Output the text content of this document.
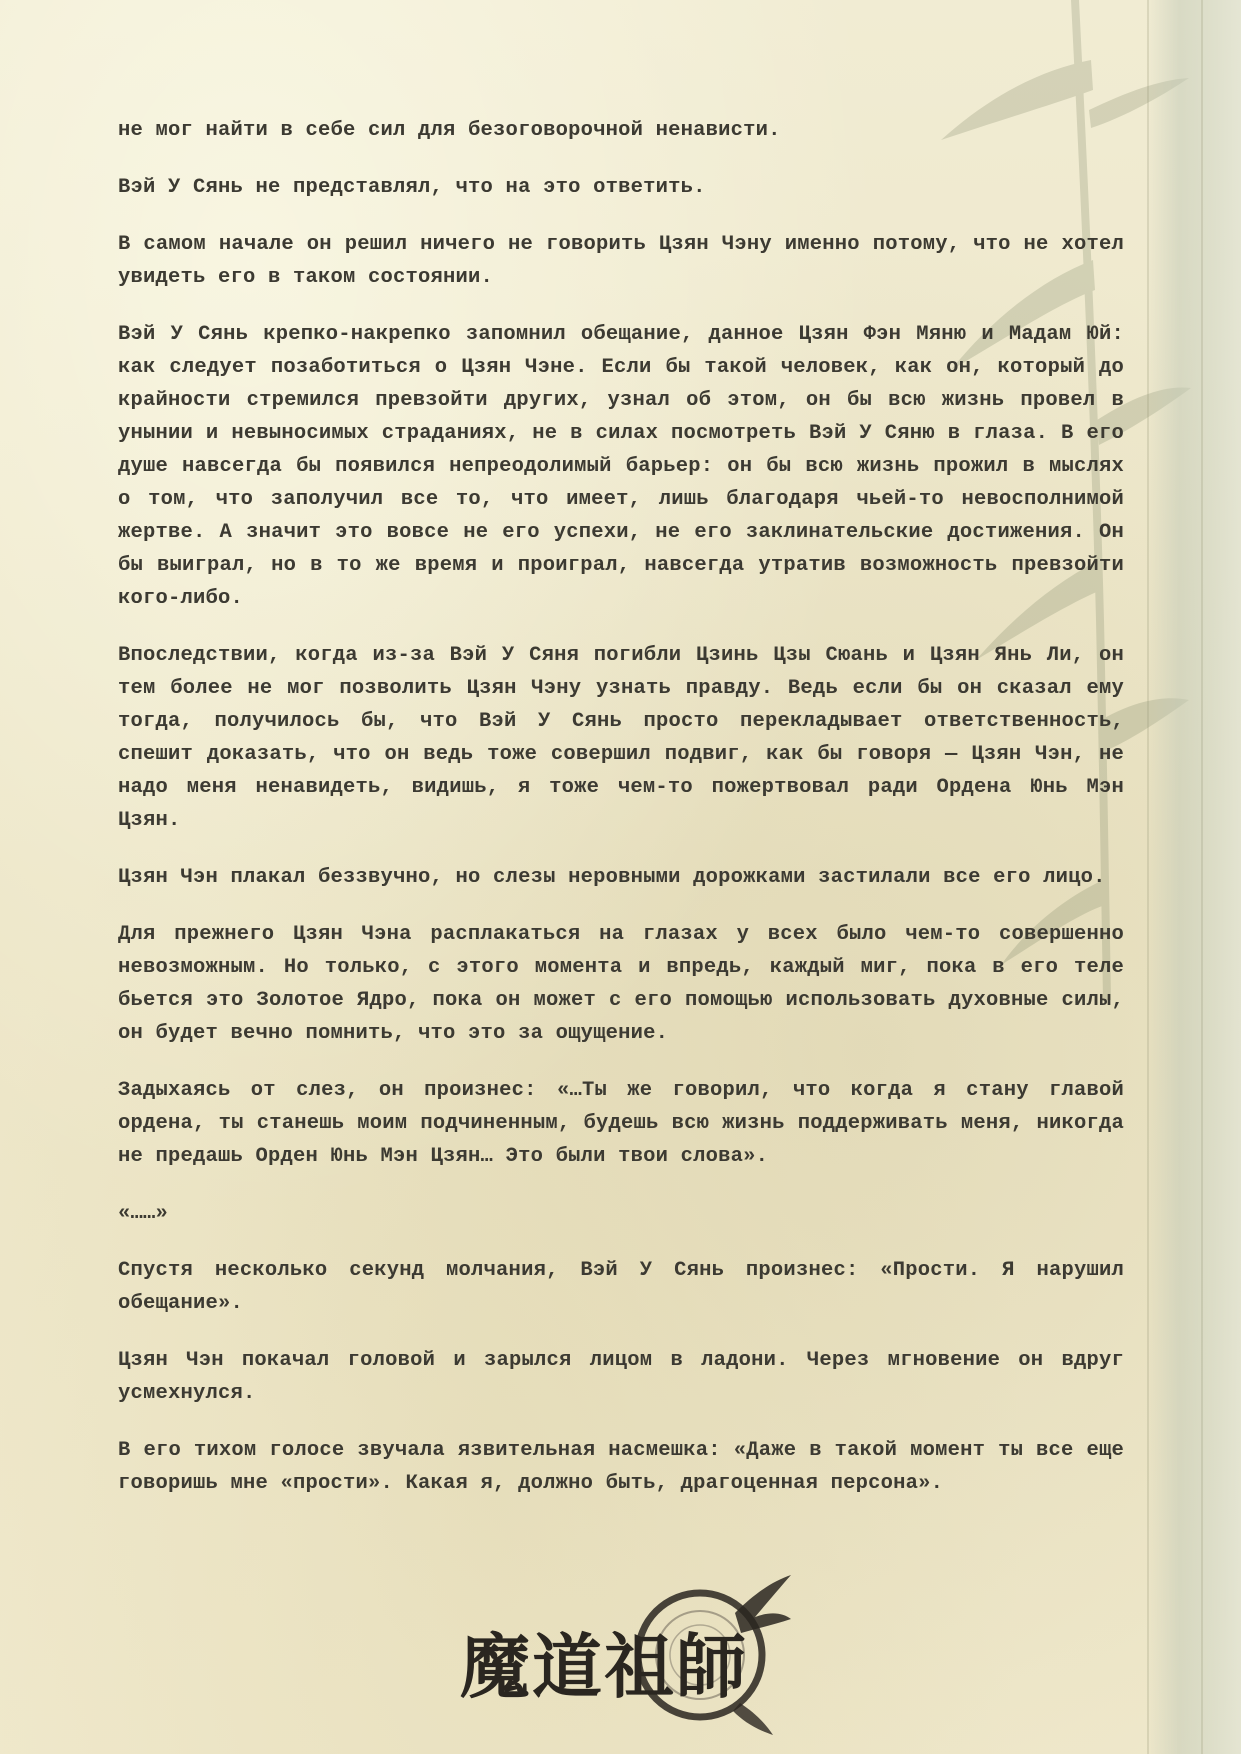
не мог найти в себе сил для безоговорочной ненависти.

Вэй У Сянь не представлял, что на это ответить.

В самом начале он решил ничего не говорить Цзян Чэну именно потому, что не хотел увидеть его в таком состоянии.

Вэй У Сянь крепко-накрепко запомнил обещание, данное Цзян Фэн Мяню и Мадам Юй: как следует позаботиться о Цзян Чэне. Если бы такой человек, как он, который до крайности стремился превзойти других, узнал об этом, он бы всю жизнь провел в унынии и невыносимых страданиях, не в силах посмотреть Вэй У Сяню в глаза. В его душе навсегда бы появился непреодолимый барьер: он бы всю жизнь прожил в мыслях о том, что заполучил все то, что имеет, лишь благодаря чьей-то невосполнимой жертве. А значит это вовсе не его успехи, не его заклинательские достижения. Он бы выиграл, но в то же время и проиграл, навсегда утратив возможность превзойти кого-либо.

Впоследствии, когда из-за Вэй У Сяня погибли Цзинь Цзы Сюань и Цзян Янь Ли, он тем более не мог позволить Цзян Чэну узнать правду. Ведь если бы он сказал ему тогда, получилось бы, что Вэй У Сянь просто перекладывает ответственность, спешит доказать, что он ведь тоже совершил подвиг, как бы говоря — Цзян Чэн, не надо меня ненавидеть, видишь, я тоже чем-то пожертвовал ради Ордена Юнь Мэн Цзян.

Цзян Чэн плакал беззвучно, но слезы неровными дорожками застилали все его лицо.

Для прежнего Цзян Чэна расплакаться на глазах у всех было чем-то совершенно невозможным. Но только, с этого момента и впредь, каждый миг, пока в его теле бьется это Золотое Ядро, пока он может с его помощью использовать духовные силы, он будет вечно помнить, что это за ощущение.

Задыхаясь от слез, он произнес: «…Ты же говорил, что когда я стану главой ордена, ты станешь моим подчиненным, будешь всю жизнь поддерживать меня, никогда не предашь Орден Юнь Мэн Цзян… Это были твои слова».

«……»

Спустя несколько секунд молчания, Вэй У Сянь произнес: «Прости. Я нарушил обещание».

Цзян Чэн покачал головой и зарылся лицом в ладони. Через мгновение он вдруг усмехнулся.

В его тихом голосе звучала язвительная насмешка: «Даже в такой момент ты все еще говоришь мне «прости». Какая я, должно быть, драгоценная персона».

魔道祖師
